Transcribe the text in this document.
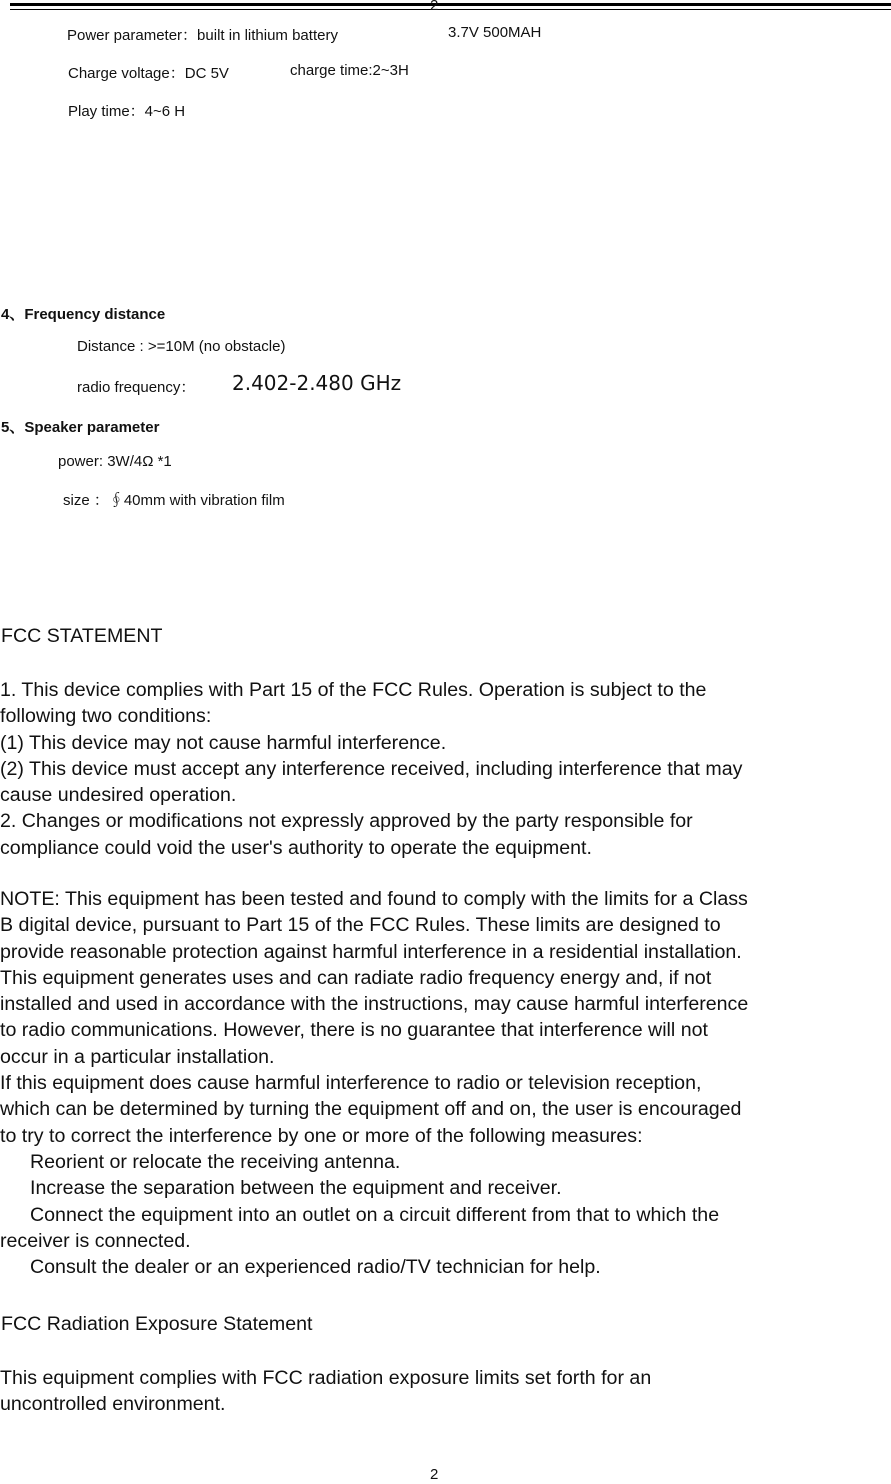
2
Power parameter：built in lithium battery	3.7V 500MAH
Charge voltage：DC 5V	charge time:2~3H
Play time：4~6 H
4、Frequency distance
Distance : >=10M (no obstacle)
radio frequency： 2.402-2.480 GHz
5、Speaker parameter
power: 3W/4Ω *1
size ：∮40mm with vibration film
FCC STATEMENT
1. This device complies with Part 15 of the FCC Rules. Operation is subject to the
following two conditions:
(1) This device may not cause harmful interference.
(2) This device must accept any interference received, including interference that may
cause undesired operation.
2. Changes or modifications not expressly approved by the party responsible for
compliance could void the user's authority to operate the equipment.
NOTE: This equipment has been tested and found to comply with the limits for a Class
B digital device, pursuant to Part 15 of the FCC Rules. These limits are designed to
provide reasonable protection against harmful interference in a residential installation.
This equipment generates uses and can radiate radio frequency energy and, if not
installed and used in accordance with the instructions, may cause harmful interference
to radio communications. However, there is no guarantee that interference will not
occur in a particular installation.
If this equipment does cause harmful interference to radio or television reception,
which can be determined by turning the equipment off and on, the user is encouraged
to try to correct the interference by one or more of the following measures:
Reorient or relocate the receiving antenna.
Increase the separation between the equipment and receiver.
Connect the equipment into an outlet on a circuit different from that to which the
receiver is connected.
Consult the dealer or an experienced radio/TV technician for help.
FCC Radiation Exposure Statement
This equipment complies with FCC radiation exposure limits set forth for an
uncontrolled environment.
2
